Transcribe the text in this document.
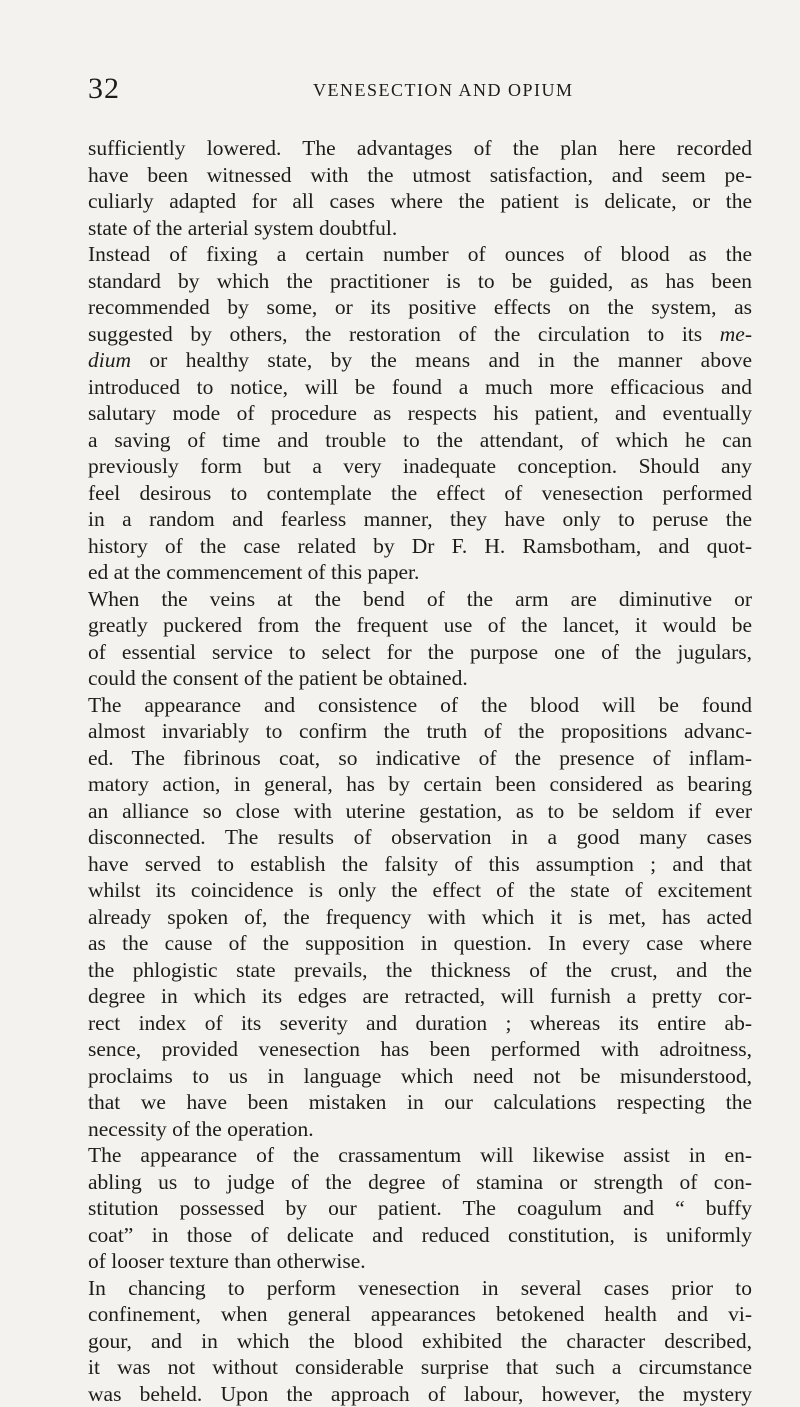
32	VENESECTION AND OPIUM
sufficiently lowered. The advantages of the plan here recorded
have been witnessed with the utmost satisfaction, and seem pe-
culiarly adapted for all cases where the patient is delicate, or the
state of the arterial system doubtful.
Instead of fixing a certain number of ounces of blood as the
standard by which the practitioner is to be guided, as has been
recommended by some, or its positive effects on the system, as
suggested by others, the restoration of the circulation to its me-
dium or healthy state, by the means and in the manner above
introduced to notice, will be found a much more efficacious and
salutary mode of procedure as respects his patient, and eventually
a saving of time and trouble to the attendant, of which he can
previously form but a very inadequate conception. Should any
feel desirous to contemplate the effect of venesection performed
in a random and fearless manner, they have only to peruse the
history of the case related by Dr F. H. Ramsbotham, and quot-
ed at the commencement of this paper.
When the veins at the bend of the arm are diminutive or
greatly puckered from the frequent use of the lancet, it would be
of essential service to select for the purpose one of the jugulars,
could the consent of the patient be obtained.
The appearance and consistence of the blood will be found
almost invariably to confirm the truth of the propositions advanc-
ed. The fibrinous coat, so indicative of the presence of inflam-
matory action, in general, has by certain been considered as bearing
an alliance so close with uterine gestation, as to be seldom if ever
disconnected. The results of observation in a good many cases
have served to establish the falsity of this assumption ; and that
whilst its coincidence is only the effect of the state of excitement
already spoken of, the frequency with which it is met, has acted
as the cause of the supposition in question. In every case where
the phlogistic state prevails, the thickness of the crust, and the
degree in which its edges are retracted, will furnish a pretty cor-
rect index of its severity and duration ; whereas its entire ab-
sence, provided venesection has been performed with adroitness,
proclaims to us in language which need not be misunderstood,
that we have been mistaken in our calculations respecting the
necessity of the operation.
The appearance of the crassamentum will likewise assist in en-
abling us to judge of the degree of stamina or strength of con-
stitution possessed by our patient. The coagulum and “ buffy
coat” in those of delicate and reduced constitution, is uniformly
of looser texture than otherwise.
In chancing to perform venesection in several cases prior to
confinement, when general appearances betokened health and vi-
gour, and in which the blood exhibited the character described,
it was not without considerable surprise that such a circumstance
was beheld. Upon the approach of labour, however, the mystery
